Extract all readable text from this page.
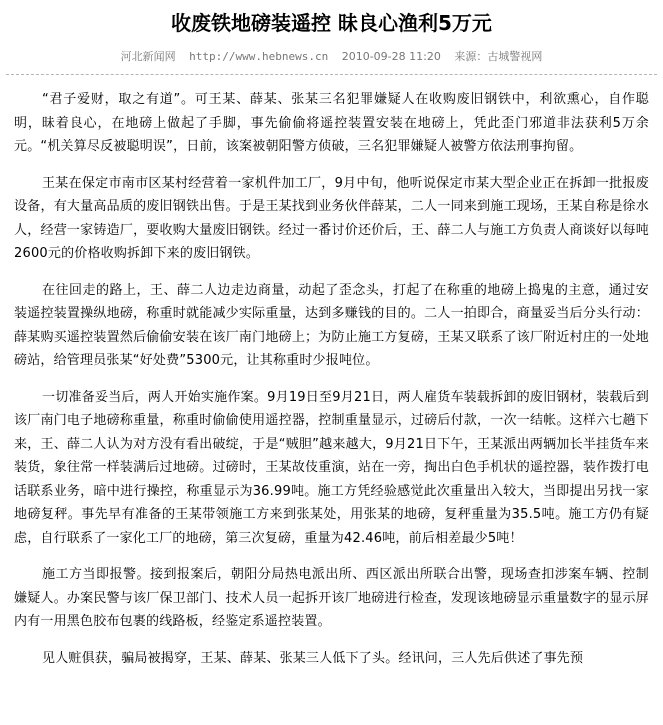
收废铁地磅装遥控 昧良心渔利5万元
河北新闻网 http://www.hebnews.cn 2010-09-28 11:20 来源：古城警视网

“君子爱财，取之有道”。可王某、薛某、张某三名犯罪嫌疑人在收购废旧钢铁中，利欲熏心，自作聪明，昧着良心，在地磅上做起了手脚，事先偷偷将遥控装置安装在地磅上，凭此歪门邪道非法获利5万余元。“机关算尽反被聪明误”，日前，该案被朝阳警方侦破，三名犯罪嫌疑人被警方依法刑事拘留。

王某在保定市南市区某村经营着一家机件加工厂，9月中旬，他听说保定市某大型企业正在拆卸一批报废设备，有大量高品质的废旧钢铁出售。于是王某找到业务伙伴薛某，二人一同来到施工现场，王某自称是徐水人，经营一家铸造厂，要收购大量废旧钢铁。经过一番讨价还价后，王、薛二人与施工方负责人商谈好以每吨2600元的价格收购拆卸下来的废旧钢铁。

在往回走的路上，王、薛二人边走边商量，动起了歪念头，打起了在称重的地磅上捣鬼的主意，通过安装遥控装置操纵地磅，称重时就能减少实际重量，达到多赚钱的目的。二人一拍即合，商量妥当后分头行动：薛某购买遥控装置然后偷偷安装在该厂南门地磅上；为防止施工方复磅，王某又联系了该厂附近村庄的一处地磅站，给管理员张某“好处费”5300元，让其称重时少报吨位。

一切准备妥当后，两人开始实施作案。9月19日至9月21日，两人雇货车装载拆卸的废旧钢材，装载后到该厂南门电子地磅称重量，称重时偷偷使用遥控器，控制重量显示，过磅后付款，一次一结帐。这样六七趟下来，王、薛二人认为对方没有看出破绽，于是“贼胆”越来越大，9月21日下午，王某派出两辆加长半挂货车来装货，象往常一样装满后过地磅。过磅时，王某故伎重演，站在一旁，掏出白色手机状的遥控器，装作拨打电话联系业务，暗中进行操控，称重显示为36.99吨。施工方凭经验感觉此次重量出入较大，当即提出另找一家地磅复秤。事先早有准备的王某带领施工方来到张某处，用张某的地磅，复秤重量为35.5吨。施工方仍有疑虑，自行联系了一家化工厂的地磅，第三次复磅，重量为42.46吨，前后相差最少5吨！

施工方当即报警。接到报案后，朝阳分局热电派出所、西区派出所联合出警，现场查扣涉案车辆、控制嫌疑人。办案民警与该厂保卫部门、技术人员一起拆开该厂地磅进行检查，发现该地磅显示重量数字的显示屏内有一用黑色胶布包裹的线路板，经鉴定系遥控装置。

见人赃俱获，骗局被揭穿，王某、薛某、张某三人低下了头。经讯问，三人先后供述了事先预
